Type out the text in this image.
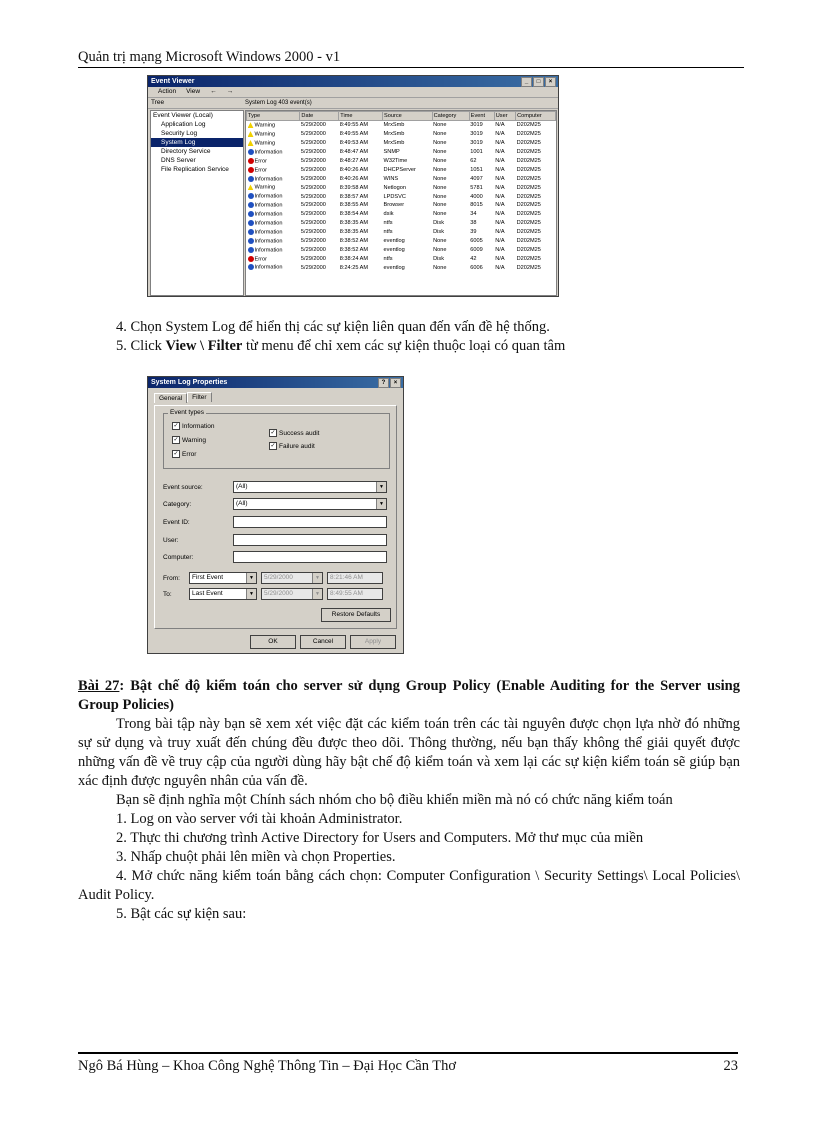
Quản trị mạng Microsoft Windows 2000 - v1
Event Viewer	_	□	×
Action View ← →
Tree	System Log 403 event(s)
Event Viewer (Local)
Application Log
Security Log
System Log
Directory Service
DNS Server
File Replication Service
Type	Date	Time	Source	Category	Event	User	Computer
Warning	5/29/2000	8:49:55 AM	MrxSmb	None	3019	N/A	D202M25
Warning	5/29/2000	8:49:55 AM	MrxSmb	None	3019	N/A	D202M25
Warning	5/29/2000	8:49:53 AM	MrxSmb	None	3019	N/A	D202M25
Information	5/29/2000	8:48:47 AM	SNMP	None	1001	N/A	D202M25
Error	5/29/2000	8:48:27 AM	W32Time	None	62	N/A	D202M25
Error	5/29/2000	8:40:26 AM	DHCPServer	None	1051	N/A	D202M25
Information	5/29/2000	8:40:26 AM	WINS	None	4097	N/A	D202M25
Warning	5/29/2000	8:39:58 AM	Netlogon	None	5781	N/A	D202M25
Information	5/29/2000	8:38:57 AM	LPDSVC	None	4000	N/A	D202M25
Information	5/29/2000	8:38:55 AM	Browser	None	8015	N/A	D202M25
Information	5/29/2000	8:38:54 AM	dsik	None	34	N/A	D202M25
Information	5/29/2000	8:38:35 AM	ntfs	Disk	38	N/A	D202M25
Information	5/29/2000	8:38:35 AM	ntfs	Disk	39	N/A	D202M25
Information	5/29/2000	8:38:52 AM	eventlog	None	6005	N/A	D202M25
Information	5/29/2000	8:38:52 AM	eventlog	None	6009	N/A	D202M25
Error	5/29/2000	8:38:24 AM	ntfs	Disk	42	N/A	D202M25
Information	5/29/2000	8:24:25 AM	eventlog	None	6006	N/A	D202M25

4. Chọn System Log để hiển thị các sự kiện liên quan đến vấn đề hệ thống.

5. Click View \ Filter từ menu để chỉ xem các sự kiện thuộc loại có quan tâm

System Log Properties	?	×
General	Filter
Event types
✓ Information
✓ Warning
✓ Error
✓ Success audit
✓ Failure audit
Event source:	(All) ▼
Category:	(All) ▼
Event ID:
User:
Computer:
From:	First Event ▼	5/29/2000 ▼	8:21:46 AM
To:	Last Event ▼	5/29/2000 ▼	8:49:55 AM
Restore Defaults
OK	Cancel	Apply

Bài 27: Bật chế độ kiểm toán cho server sử dụng Group Policy (Enable Auditing for the Server using Group Policies)

Trong bài tập này bạn sẽ xem xét việc đặt các kiểm toán trên các tài nguyên được chọn lựa nhờ đó những sự sử dụng và truy xuất đến chúng đều được theo dõi. Thông thường, nếu bạn thấy không thể giải quyết được những vấn đề về truy cập của người dùng hãy bật chế độ kiểm toán và xem lại các sự kiện kiểm toán sẽ giúp bạn xác định được nguyên nhân của vấn đề.

Bạn sẽ định nghĩa một Chính sách nhóm cho bộ điều khiển miền mà nó có chức năng kiểm toán

1. Log on vào server với tài khoản Administrator.

2. Thực thi chương trình Active Directory for Users and Computers. Mở thư mục của miền

3. Nhấp chuột phải lên miền và chọn Properties.

4. Mở chức năng kiểm toán bằng cách chọn: Computer Configuration \ Security Settings\ Local Policies\ Audit Policy.

5. Bật các sự kiện sau:

Ngô Bá Hùng – Khoa Công Nghệ Thông Tin – Đại Học Cần Thơ	23
